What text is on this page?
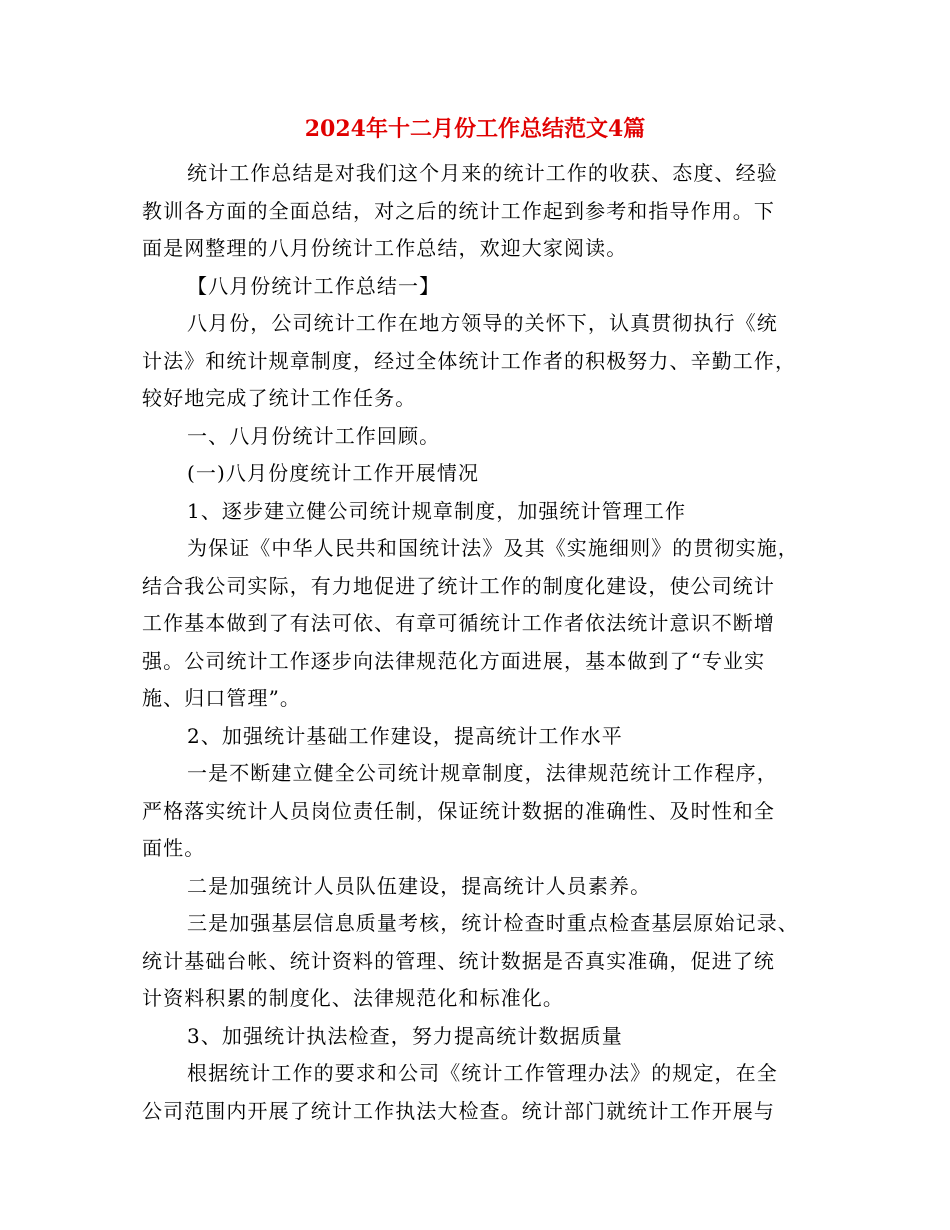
2024年十二月份工作总结范文4篇

统计工作总结是对我们这个月来的统计工作的收获、态度、经验
教训各方面的全面总结，对之后的统计工作起到参考和指导作用。下
面是网整理的八月份统计工作总结，欢迎大家阅读。

【八月份统计工作总结一】

八月份，公司统计工作在地方领导的关怀下，认真贯彻执行《统
计法》和统计规章制度，经过全体统计工作者的积极努力、辛勤工作，
较好地完成了统计工作任务。

一、八月份统计工作回顾。

(一)八月份度统计工作开展情况

1、逐步建立健公司统计规章制度，加强统计管理工作

为保证《中华人民共和国统计法》及其《实施细则》的贯彻实施，
结合我公司实际，有力地促进了统计工作的制度化建设，使公司统计
工作基本做到了有法可依、有章可循统计工作者依法统计意识不断增
强。公司统计工作逐步向法律规范化方面进展，基本做到了“专业实
施、归口管理”。

2、加强统计基础工作建设，提高统计工作水平

一是不断建立健全公司统计规章制度，法律规范统计工作程序，
严格落实统计人员岗位责任制，保证统计数据的准确性、及时性和全
面性。

二是加强统计人员队伍建设，提高统计人员素养。

三是加强基层信息质量考核，统计检查时重点检查基层原始记录、
统计基础台帐、统计资料的管理、统计数据是否真实准确，促进了统
计资料积累的制度化、法律规范化和标准化。

3、加强统计执法检查，努力提高统计数据质量

根据统计工作的要求和公司《统计工作管理办法》的规定，在全
公司范围内开展了统计工作执法大检查。统计部门就统计工作开展与
